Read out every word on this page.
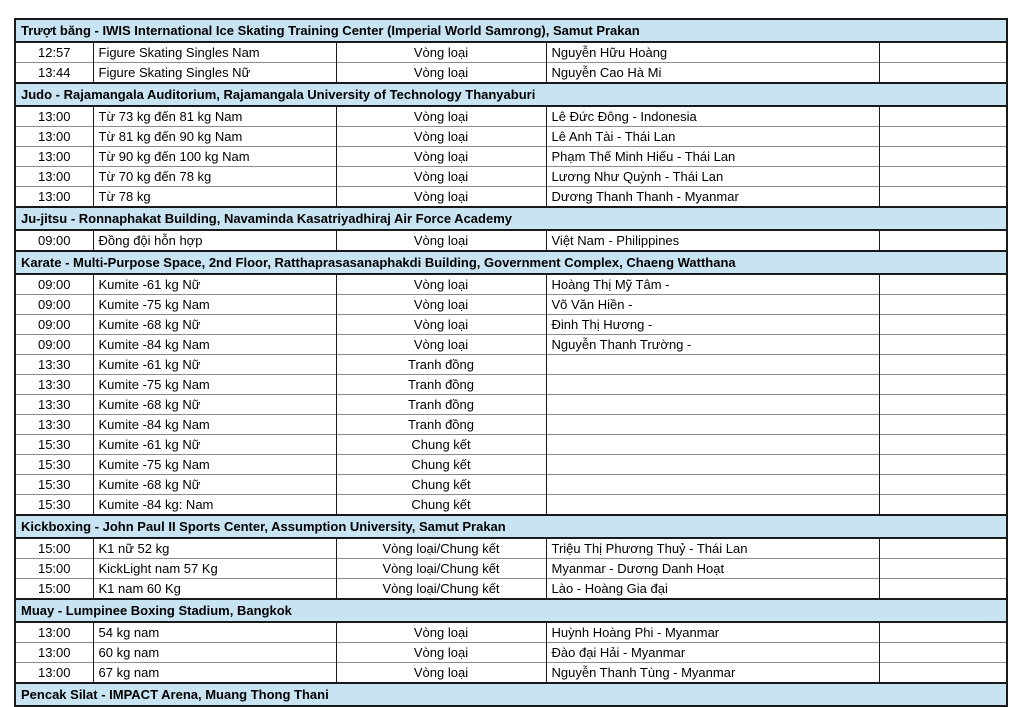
Trượt băng - IWIS International Ice Skating Training Center (Imperial World Samrong), Samut Prakan				
12:57	Figure Skating Singles Nam	Vòng loại	Nguyễn Hữu Hoàng	
13:44	Figure Skating Singles Nữ	Vòng loại	Nguyễn Cao Hà Mi	
Judo - Rajamangala Auditorium, Rajamangala University of Technology Thanyaburi				
13:00	Từ 73 kg đến 81 kg Nam	Vòng loại	Lê Đức Đông - Indonesia	
13:00	Từ 81 kg đến 90 kg Nam	Vòng loại	Lê Anh Tài - Thái Lan	
13:00	Từ 90 kg đến 100 kg Nam	Vòng loại	Phạm Thế Minh Hiếu - Thái Lan	
13:00	Từ 70 kg đến 78 kg	Vòng loại	Lương Như Quỳnh - Thái Lan	
13:00	Từ 78 kg	Vòng loại	Dương Thanh Thanh - Myanmar	
Ju-jitsu - Ronnaphakat Building, Navaminda Kasatriyadhiraj Air Force Academy				
09:00	Đồng đội hỗn hợp	Vòng loại	Việt Nam - Philippines	
Karate - Multi-Purpose Space, 2nd Floor, Ratthaprasasanaphakdi Building, Government Complex, Chaeng Watthana				
09:00	Kumite -61 kg Nữ	Vòng loại	Hoàng Thị Mỹ Tâm -	
09:00	Kumite -75 kg Nam	Vòng loại	Võ Văn Hiền -	
09:00	Kumite -68 kg Nữ	Vòng loại	Đinh Thị Hương -	
09:00	Kumite -84 kg Nam	Vòng loại	Nguyễn Thanh Trường -	
13:30	Kumite -61 kg Nữ	Tranh đồng		
13:30	Kumite -75 kg Nam	Tranh đồng		
13:30	Kumite -68 kg Nữ	Tranh đồng		
13:30	Kumite -84 kg Nam	Tranh đồng		
15:30	Kumite -61 kg Nữ	Chung kết		
15:30	Kumite -75 kg Nam	Chung kết		
15:30	Kumite -68 kg Nữ	Chung kết		
15:30	Kumite -84 kg: Nam	Chung kết		
Kickboxing - John Paul II Sports Center, Assumption University, Samut Prakan				
15:00	K1 nữ 52 kg	Vòng loại/Chung kết	Triệu Thị Phương Thuỷ - Thái Lan	
15:00	KickLight nam 57 Kg	Vòng loại/Chung kết	Myanmar - Dương Danh Hoạt	
15:00	K1 nam 60 Kg	Vòng loại/Chung kết	Lào - Hoàng Gia đại	
Muay - Lumpinee Boxing Stadium, Bangkok				
13:00	54 kg nam	Vòng loại	Huỳnh Hoàng Phi - Myanmar	
13:00	60 kg nam	Vòng loại	Đào đại Hải - Myanmar	
13:00	67 kg nam	Vòng loại	Nguyễn Thanh Tùng - Myanmar	
Pencak Silat - IMPACT Arena, Muang Thong Thani				
